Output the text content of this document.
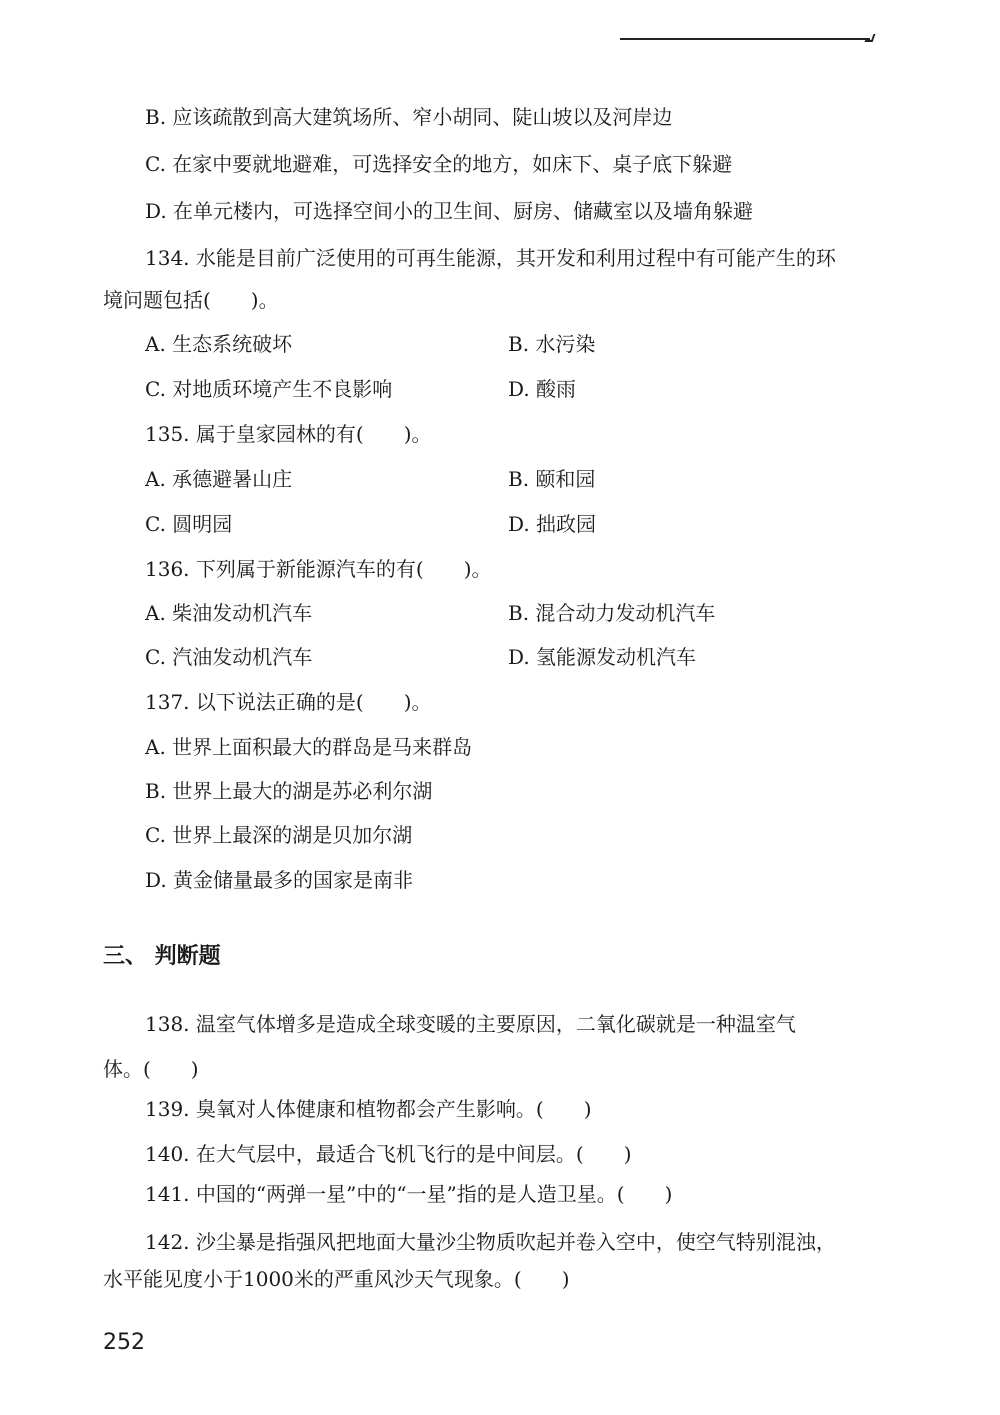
B. 应该疏散到高大建筑场所、窄小胡同、陡山坡以及河岸边
C. 在家中要就地避难，可选择安全的地方，如床下、桌子底下躲避
D. 在单元楼内，可选择空间小的卫生间、厨房、储藏室以及墙角躲避
134. 水能是目前广泛使用的可再生能源，其开发和利用过程中有可能产生的环
境问题包括(　　)。
A. 生态系统破坏	B. 水污染
C. 对地质环境产生不良影响	D. 酸雨
135. 属于皇家园林的有(　　)。
A. 承德避暑山庄	B. 颐和园
C. 圆明园	D. 拙政园
136. 下列属于新能源汽车的有(　　)。
A. 柴油发动机汽车	B. 混合动力发动机汽车
C. 汽油发动机汽车	D. 氢能源发动机汽车
137. 以下说法正确的是(　　)。
A. 世界上面积最大的群岛是马来群岛
B. 世界上最大的湖是苏必利尔湖
C. 世界上最深的湖是贝加尔湖
D. 黄金储量最多的国家是南非
三、 判断题
138. 温室气体增多是造成全球变暖的主要原因，二氧化碳就是一种温室气
体。(　　)
139. 臭氧对人体健康和植物都会产生影响。(　　)
140. 在大气层中，最适合飞机飞行的是中间层。(　　)
141. 中国的“两弹一星”中的“一星”指的是人造卫星。(　　)
142. 沙尘暴是指强风把地面大量沙尘物质吹起并卷入空中，使空气特别混浊，
水平能见度小于1000米的严重风沙天气现象。(　　)
252
